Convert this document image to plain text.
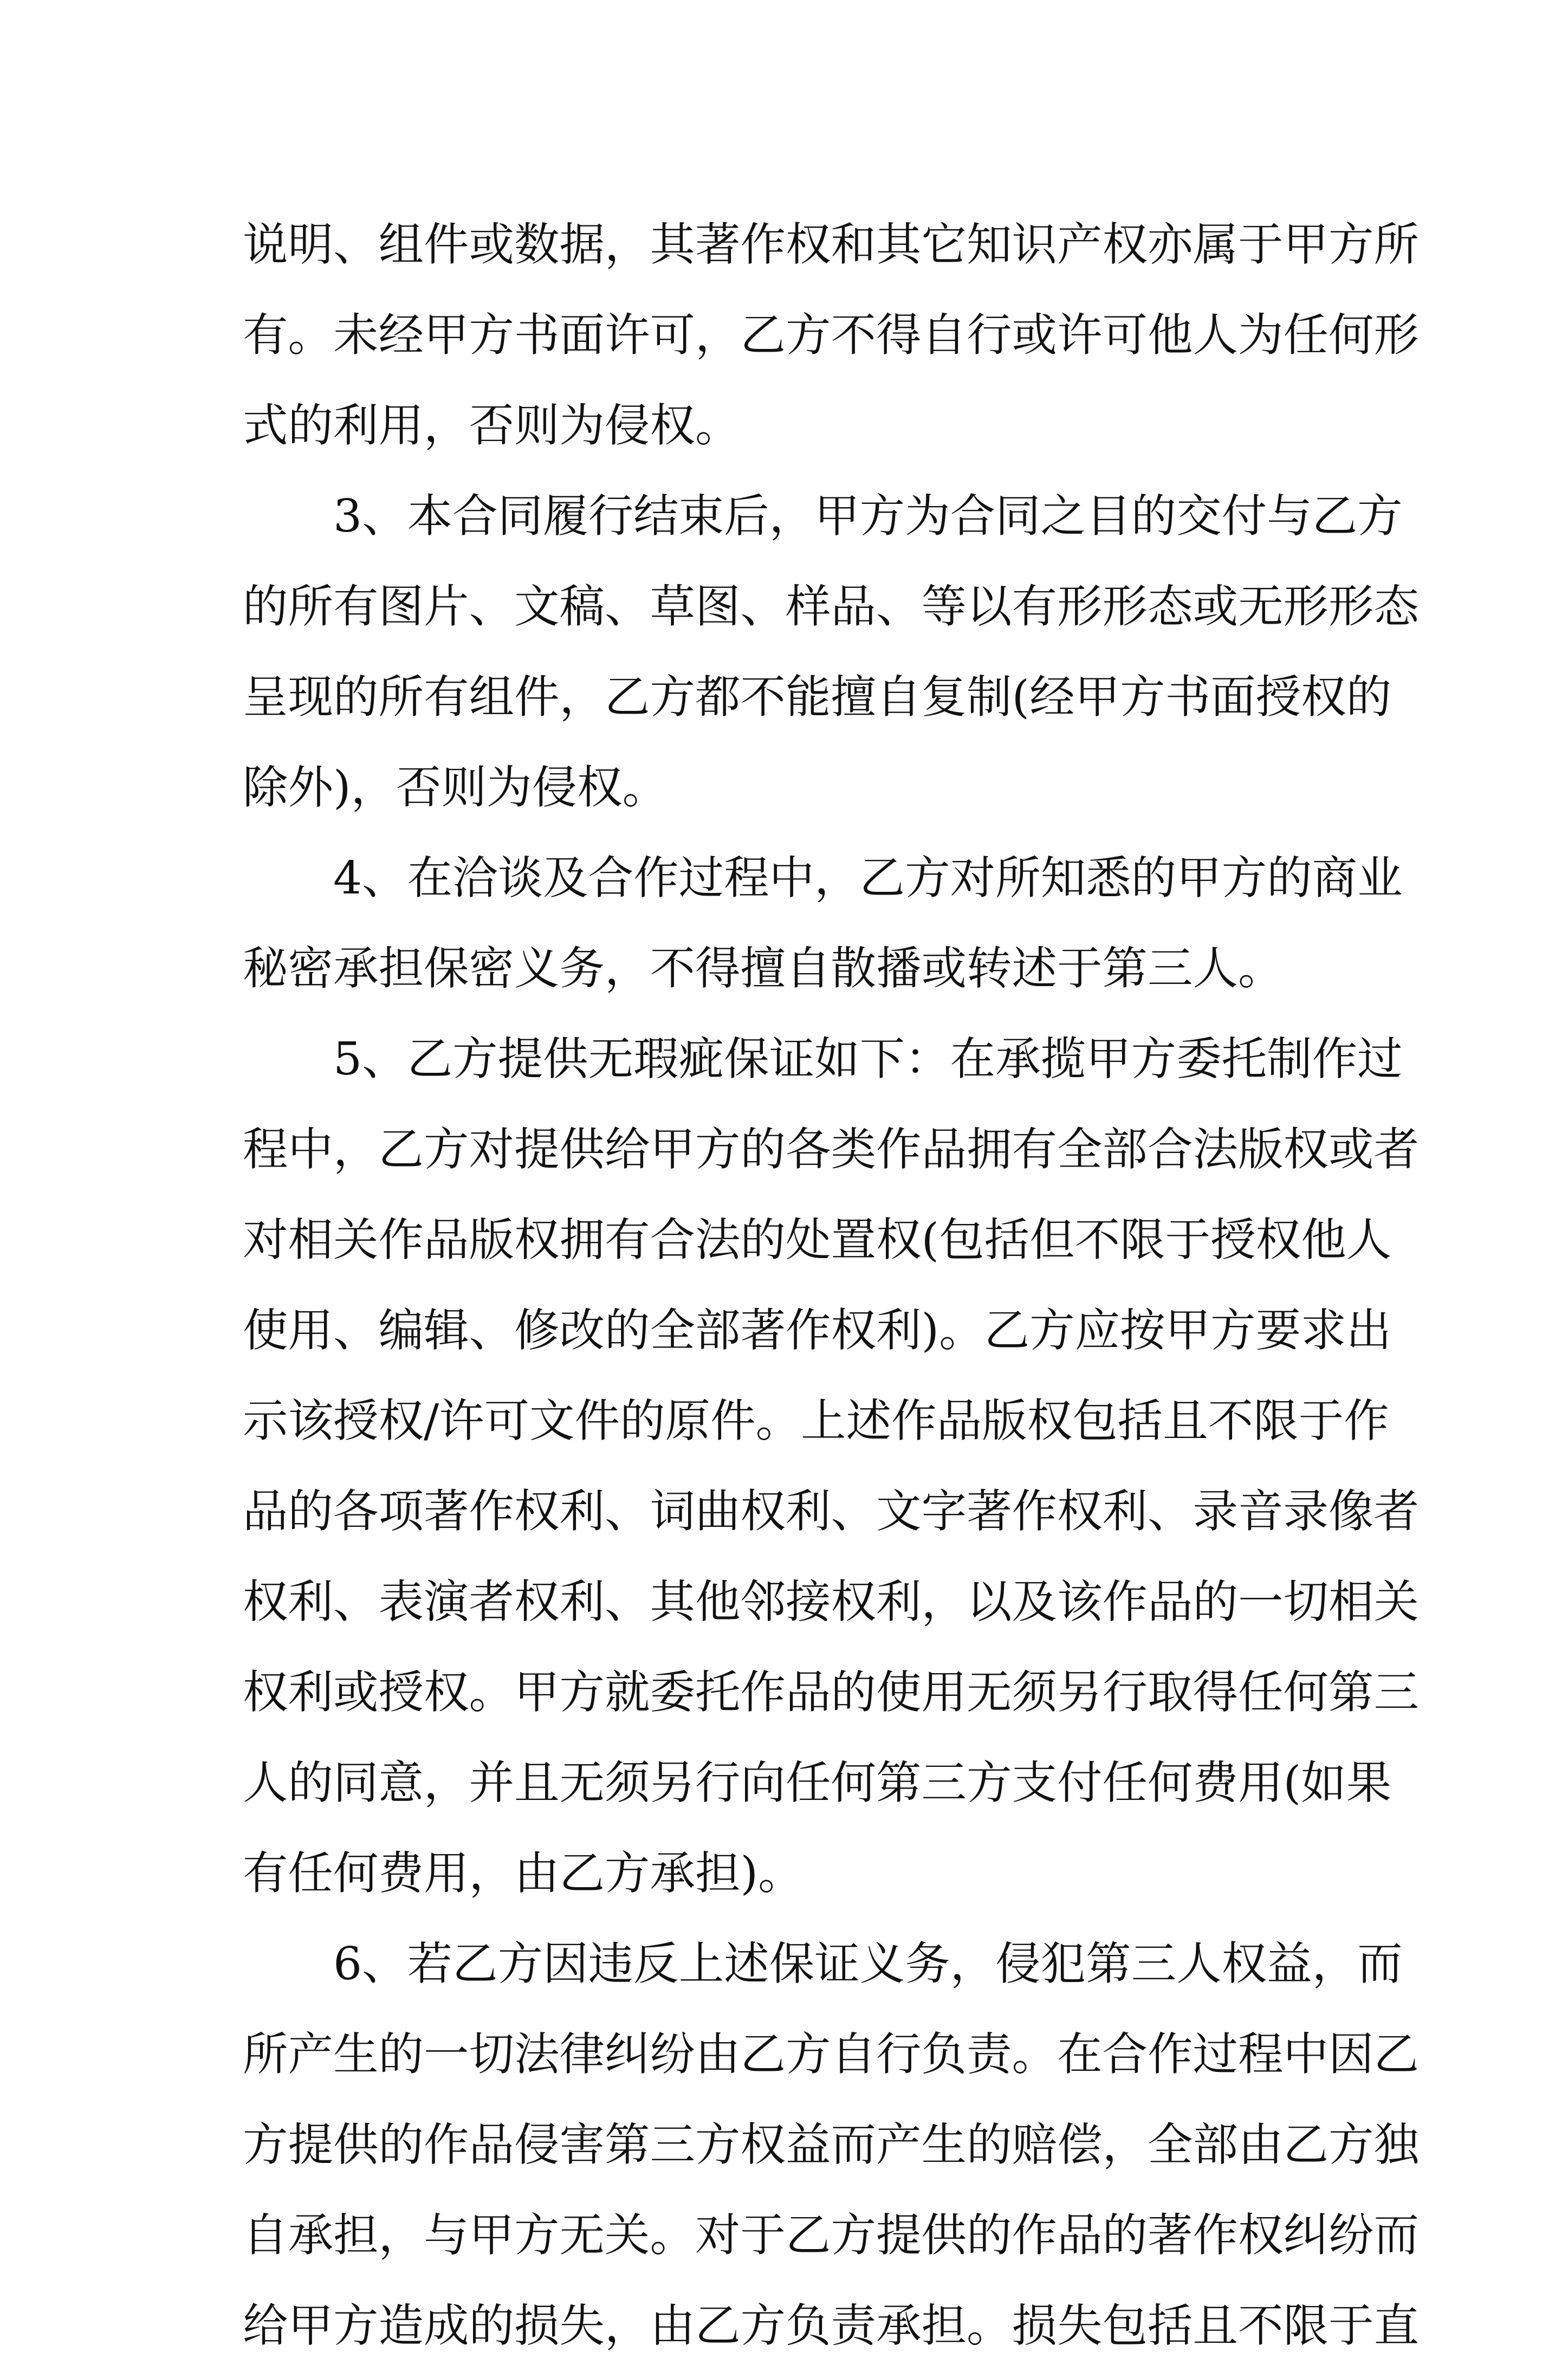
说明、组件或数据，其著作权和其它知识产权亦属于甲方所
有。未经甲方书面许可，乙方不得自行或许可他人为任何形
式的利用，否则为侵权。
3、本合同履行结束后，甲方为合同之目的交付与乙方
的所有图片、文稿、草图、样品、等以有形形态或无形形态
呈现的所有组件，乙方都不能擅自复制(经甲方书面授权的
除外)，否则为侵权。
4、在洽谈及合作过程中，乙方对所知悉的甲方的商业
秘密承担保密义务，不得擅自散播或转述于第三人。
5、乙方提供无瑕疵保证如下：在承揽甲方委托制作过
程中，乙方对提供给甲方的各类作品拥有全部合法版权或者
对相关作品版权拥有合法的处置权(包括但不限于授权他人
使用、编辑、修改的全部著作权利)。乙方应按甲方要求出
示该授权/许可文件的原件。上述作品版权包括且不限于作
品的各项著作权利、词曲权利、文字著作权利、录音录像者
权利、表演者权利、其他邻接权利，以及该作品的一切相关
权利或授权。甲方就委托作品的使用无须另行取得任何第三
人的同意，并且无须另行向任何第三方支付任何费用(如果
有任何费用，由乙方承担)。
6、若乙方因违反上述保证义务，侵犯第三人权益，而
所产生的一切法律纠纷由乙方自行负责。在合作过程中因乙
方提供的作品侵害第三方权益而产生的赔偿，全部由乙方独
自承担，与甲方无关。对于乙方提供的作品的著作权纠纷而
给甲方造成的损失，由乙方负责承担。损失包括且不限于直
